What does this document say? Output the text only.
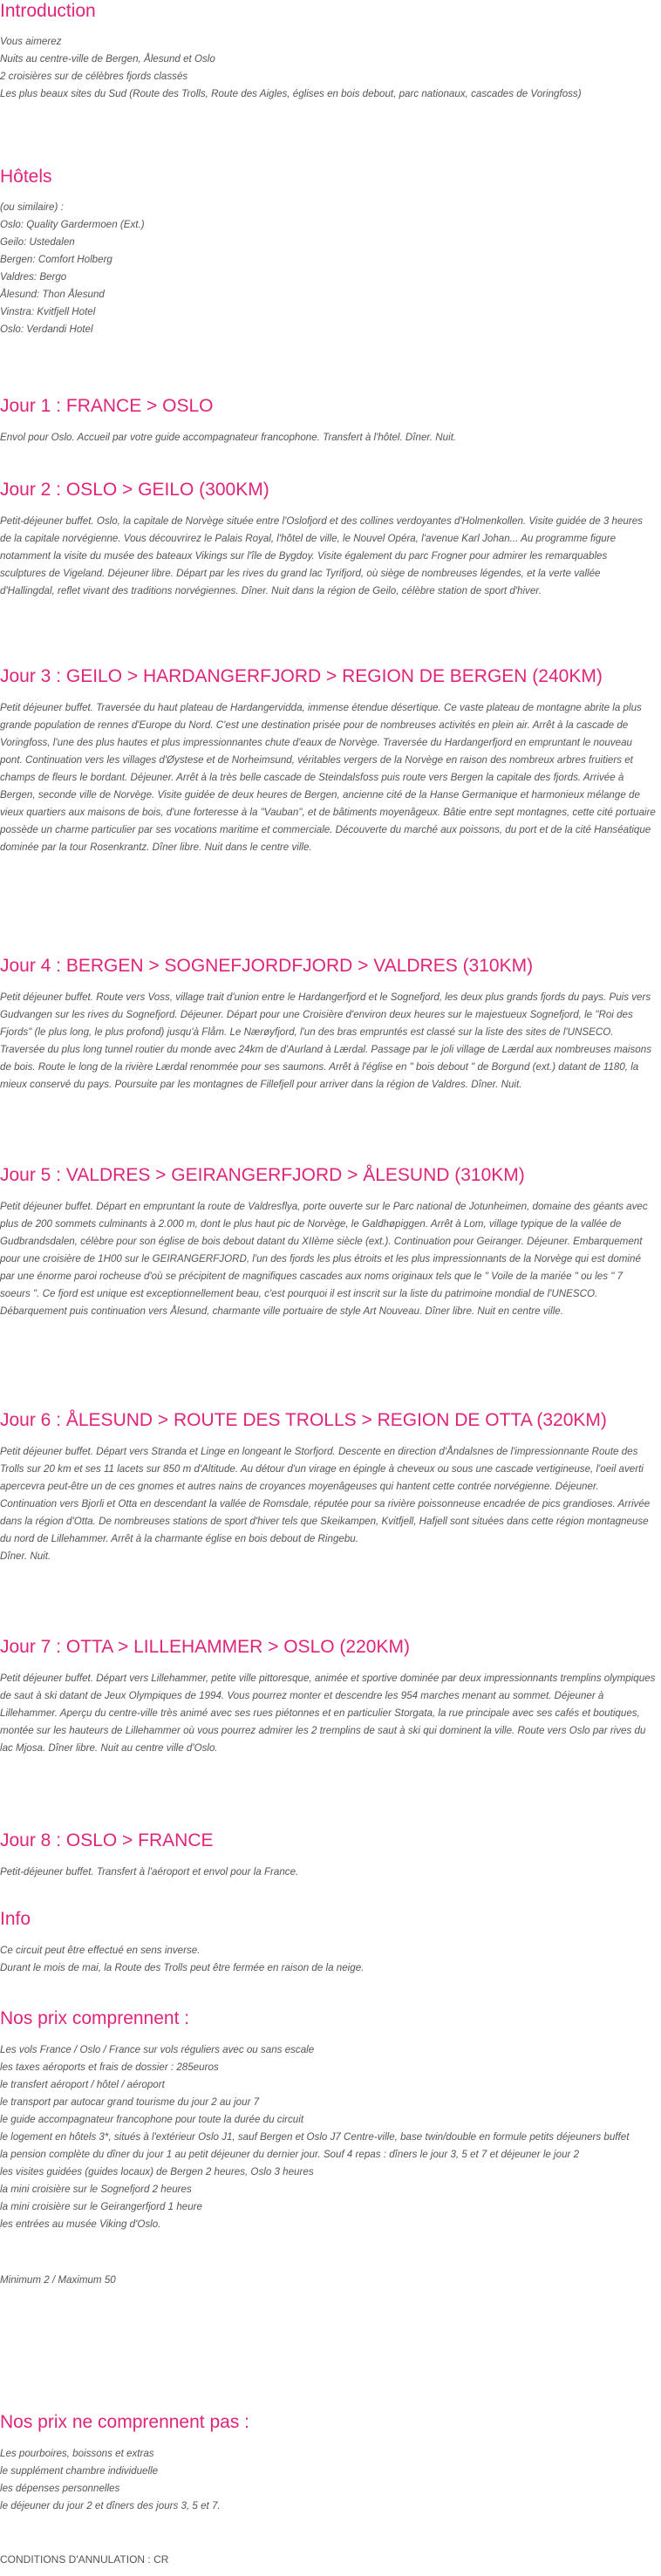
Introduction
Vous aimerez
Nuits au centre-ville de Bergen, Ålesund et Oslo
2 croisières sur de célèbres fjords classés
Les plus beaux sites du Sud (Route des Trolls, Route des Aigles, églises en bois debout, parc nationaux, cascades de Voringfoss)
Hôtels
(ou similaire) :
Oslo: Quality Gardermoen (Ext.)
Geilo: Ustedalen
Bergen: Comfort Holberg
Valdres: Bergo
Ålesund: Thon Ålesund
Vinstra: Kvitfjell Hotel
Oslo: Verdandi Hotel
Jour 1 : FRANCE > OSLO

Envol pour Oslo. Accueil par votre guide accompagnateur francophone. Transfert à l'hôtel. Dîner. Nuit.

Jour 2 : OSLO > GEILO (300KM)

Petit-déjeuner buffet. Oslo, la capitale de Norvège située entre l'Oslofjord et des collines verdoyantes d'Holmenkollen. Visite guidée de 3 heures de la capitale norvégienne. Vous découvrirez le Palais Royal, l'hôtel de ville, le Nouvel Opéra, l'avenue Karl Johan... Au programme figure notamment la visite du musée des bateaux Vikings sur l'île de Bygdoy. Visite également du parc Frogner pour admirer les remarquables sculptures de Vigeland. Déjeuner libre. Départ par les rives du grand lac Tyrifjord, où siège de nombreuses légendes, et la verte vallée d'Hallingdal, reflet vivant des traditions norvégiennes. Dîner. Nuit dans la région de Geilo, célèbre station de sport d'hiver.

Jour 3 : GEILO > HARDANGERFJORD > REGION DE BERGEN (240KM)

Petit déjeuner buffet. Traversée du haut plateau de Hardangervidda, immense étendue désertique. Ce vaste plateau de montagne abrite la plus grande population de rennes d'Europe du Nord. C'est une destination prisée pour de nombreuses activités en plein air. Arrêt à la cascade de Voringfoss, l'une des plus hautes et plus impressionnantes chute d'eaux de Norvège. Traversée du Hardangerfjord en empruntant le nouveau pont. Continuation vers les villages d'Øystese et de Norheimsund, véritables vergers de la Norvège en raison des nombreux arbres fruitiers et champs de fleurs le bordant. Déjeuner. Arrêt à la très belle cascade de Steindalsfoss puis route vers Bergen la capitale des fjords. Arrivée à Bergen, seconde ville de Norvège. Visite guidée de deux heures de Bergen, ancienne cité de la Hanse Germanique et harmonieux mélange de vieux quartiers aux maisons de bois, d'une forteresse à la "Vauban", et de bâtiments moyenâgeux. Bâtie entre sept montagnes, cette cité portuaire possède un charme particulier par ses vocations maritime et commerciale. Découverte du marché aux poissons, du port et de la cité Hanséatique dominée par la tour Rosenkrantz. Dîner libre. Nuit dans le centre ville.

Jour 4 : BERGEN > SOGNEFJORDFJORD > VALDRES (310KM)

Petit déjeuner buffet. Route vers Voss, village trait d'union entre le Hardangerfjord et le Sognefjord, les deux plus grands fjords du pays. Puis vers Gudvangen sur les rives du Sognefjord. Déjeuner. Départ pour une Croisière d'environ deux heures sur le majestueux Sognefjord, le "Roi des Fjords" (le plus long, le plus profond) jusqu'à Flåm. Le Nærøyfjord, l'un des bras empruntés est classé sur la liste des sites de l'UNSECO. Traversée du plus long tunnel routier du monde avec 24km de d'Aurland à Lærdal. Passage par le joli village de Lærdal aux nombreuses maisons de bois. Route le long de la rivière Lærdal renommée pour ses saumons. Arrêt à l'église en " bois debout " de Borgund (ext.) datant de 1180, la mieux conservé du pays. Poursuite par les montagnes de Fillefjell pour arriver dans la région de Valdres. Dîner. Nuit.

Jour 5 : VALDRES > GEIRANGERFJORD > ÅLESUND (310KM)

Petit déjeuner buffet. Départ en empruntant la route de Valdresflya, porte ouverte sur le Parc national de Jotunheimen, domaine des géants avec plus de 200 sommets culminants à 2.000 m, dont le plus haut pic de Norvège, le Galdhøpiggen. Arrêt à Lom, village typique de la vallée de Gudbrandsdalen, célèbre pour son église de bois debout datant du XIIème siècle (ext.). Continuation pour Geiranger. Déjeuner. Embarquement pour une croisière de 1H00 sur le GEIRANGERFJORD, l'un des fjords les plus étroits et les plus impressionnants de la Norvège qui est dominé par une énorme paroi rocheuse d'où se précipitent de magnifiques cascades aux noms originaux tels que le " Voile de la mariée " ou les " 7 soeurs ". Ce fjord est unique est exceptionnellement beau, c'est pourquoi il est inscrit sur la liste du patrimoine mondial de l'UNESCO. Débarquement puis continuation vers Ålesund, charmante ville portuaire de style Art Nouveau. Dîner libre. Nuit en centre ville.

Jour 6 : ÅLESUND > ROUTE DES TROLLS > REGION DE OTTA (320KM)

Petit déjeuner buffet. Départ vers Stranda et Linge en longeant le Storfjord. Descente en direction d'Åndalsnes de l'impressionnante Route des Trolls sur 20 km et ses 11 lacets sur 850 m d'Altitude. Au détour d'un virage en épingle à cheveux ou sous une cascade vertigineuse, l'oeil averti apercevra peut-être un de ces gnomes et autres nains de croyances moyenâgeuses qui hantent cette contrée norvégienne. Déjeuner. Continuation vers Bjorli et Otta en descendant la vallée de Romsdale, réputée pour sa rivière poissonneuse encadrée de pics grandioses. Arrivée dans la région d'Otta. De nombreuses stations de sport d'hiver tels que Skeikampen, Kvitfjell, Hafjell sont situées dans cette région montagneuse du nord de Lillehammer. Arrêt à la charmante église en bois debout de Ringebu.
Dîner. Nuit.

Jour 7 : OTTA > LILLEHAMMER > OSLO (220KM)

Petit déjeuner buffet. Départ vers Lillehammer, petite ville pittoresque, animée et sportive dominée par deux impressionnants tremplins olympiques de saut à ski datant de Jeux Olympiques de 1994. Vous pourrez monter et descendre les 954 marches menant au sommet. Déjeuner à Lillehammer. Aperçu du centre-ville très animé avec ses rues piétonnes et en particulier Storgata, la rue principale avec ses cafés et boutiques, montée sur les hauteurs de Lillehammer où vous pourrez admirer les 2 tremplins de saut à ski qui dominent la ville. Route vers Oslo par rives du lac Mjosa. Dîner libre. Nuit au centre ville d'Oslo.

Jour 8 : OSLO > FRANCE

Petit-déjeuner buffet. Transfert à l'aéroport et envol pour la France.

Info
Ce circuit peut être effectué en sens inverse.
Durant le mois de mai, la Route des Trolls peut être fermée en raison de la neige.
Nos prix comprennent :
Les vols France / Oslo / France sur vols réguliers avec ou sans escale
les taxes aéroports et frais de dossier : 285euros
le transfert aéroport / hôtel / aéroport
le transport par autocar grand tourisme du jour 2 au jour 7
le guide accompagnateur francophone pour toute la durée du circuit
le logement en hôtels 3*, situés à l'extérieur Oslo J1, sauf Bergen et Oslo J7 Centre-ville, base twin/double en formule petits déjeuners buffet
la pension complète du dîner du jour 1 au petit déjeuner du dernier jour. Souf 4 repas : dîners le jour 3, 5 et 7 et déjeuner le jour 2
les visites guidées (guides locaux) de Bergen 2 heures, Oslo 3 heures
la mini croisière sur le Sognefjord 2 heures
la mini croisière sur le Geirangerfjord 1 heure
les entrées au musée Viking d'Oslo.
Minimum 2 / Maximum 50
Nos prix ne comprennent pas :
Les pourboires, boissons et extras
le supplément chambre individuelle
les dépenses personnelles
le déjeuner du jour 2 et dîners des jours 3, 5 et 7.
CONDITIONS D'ANNULATION : CR
